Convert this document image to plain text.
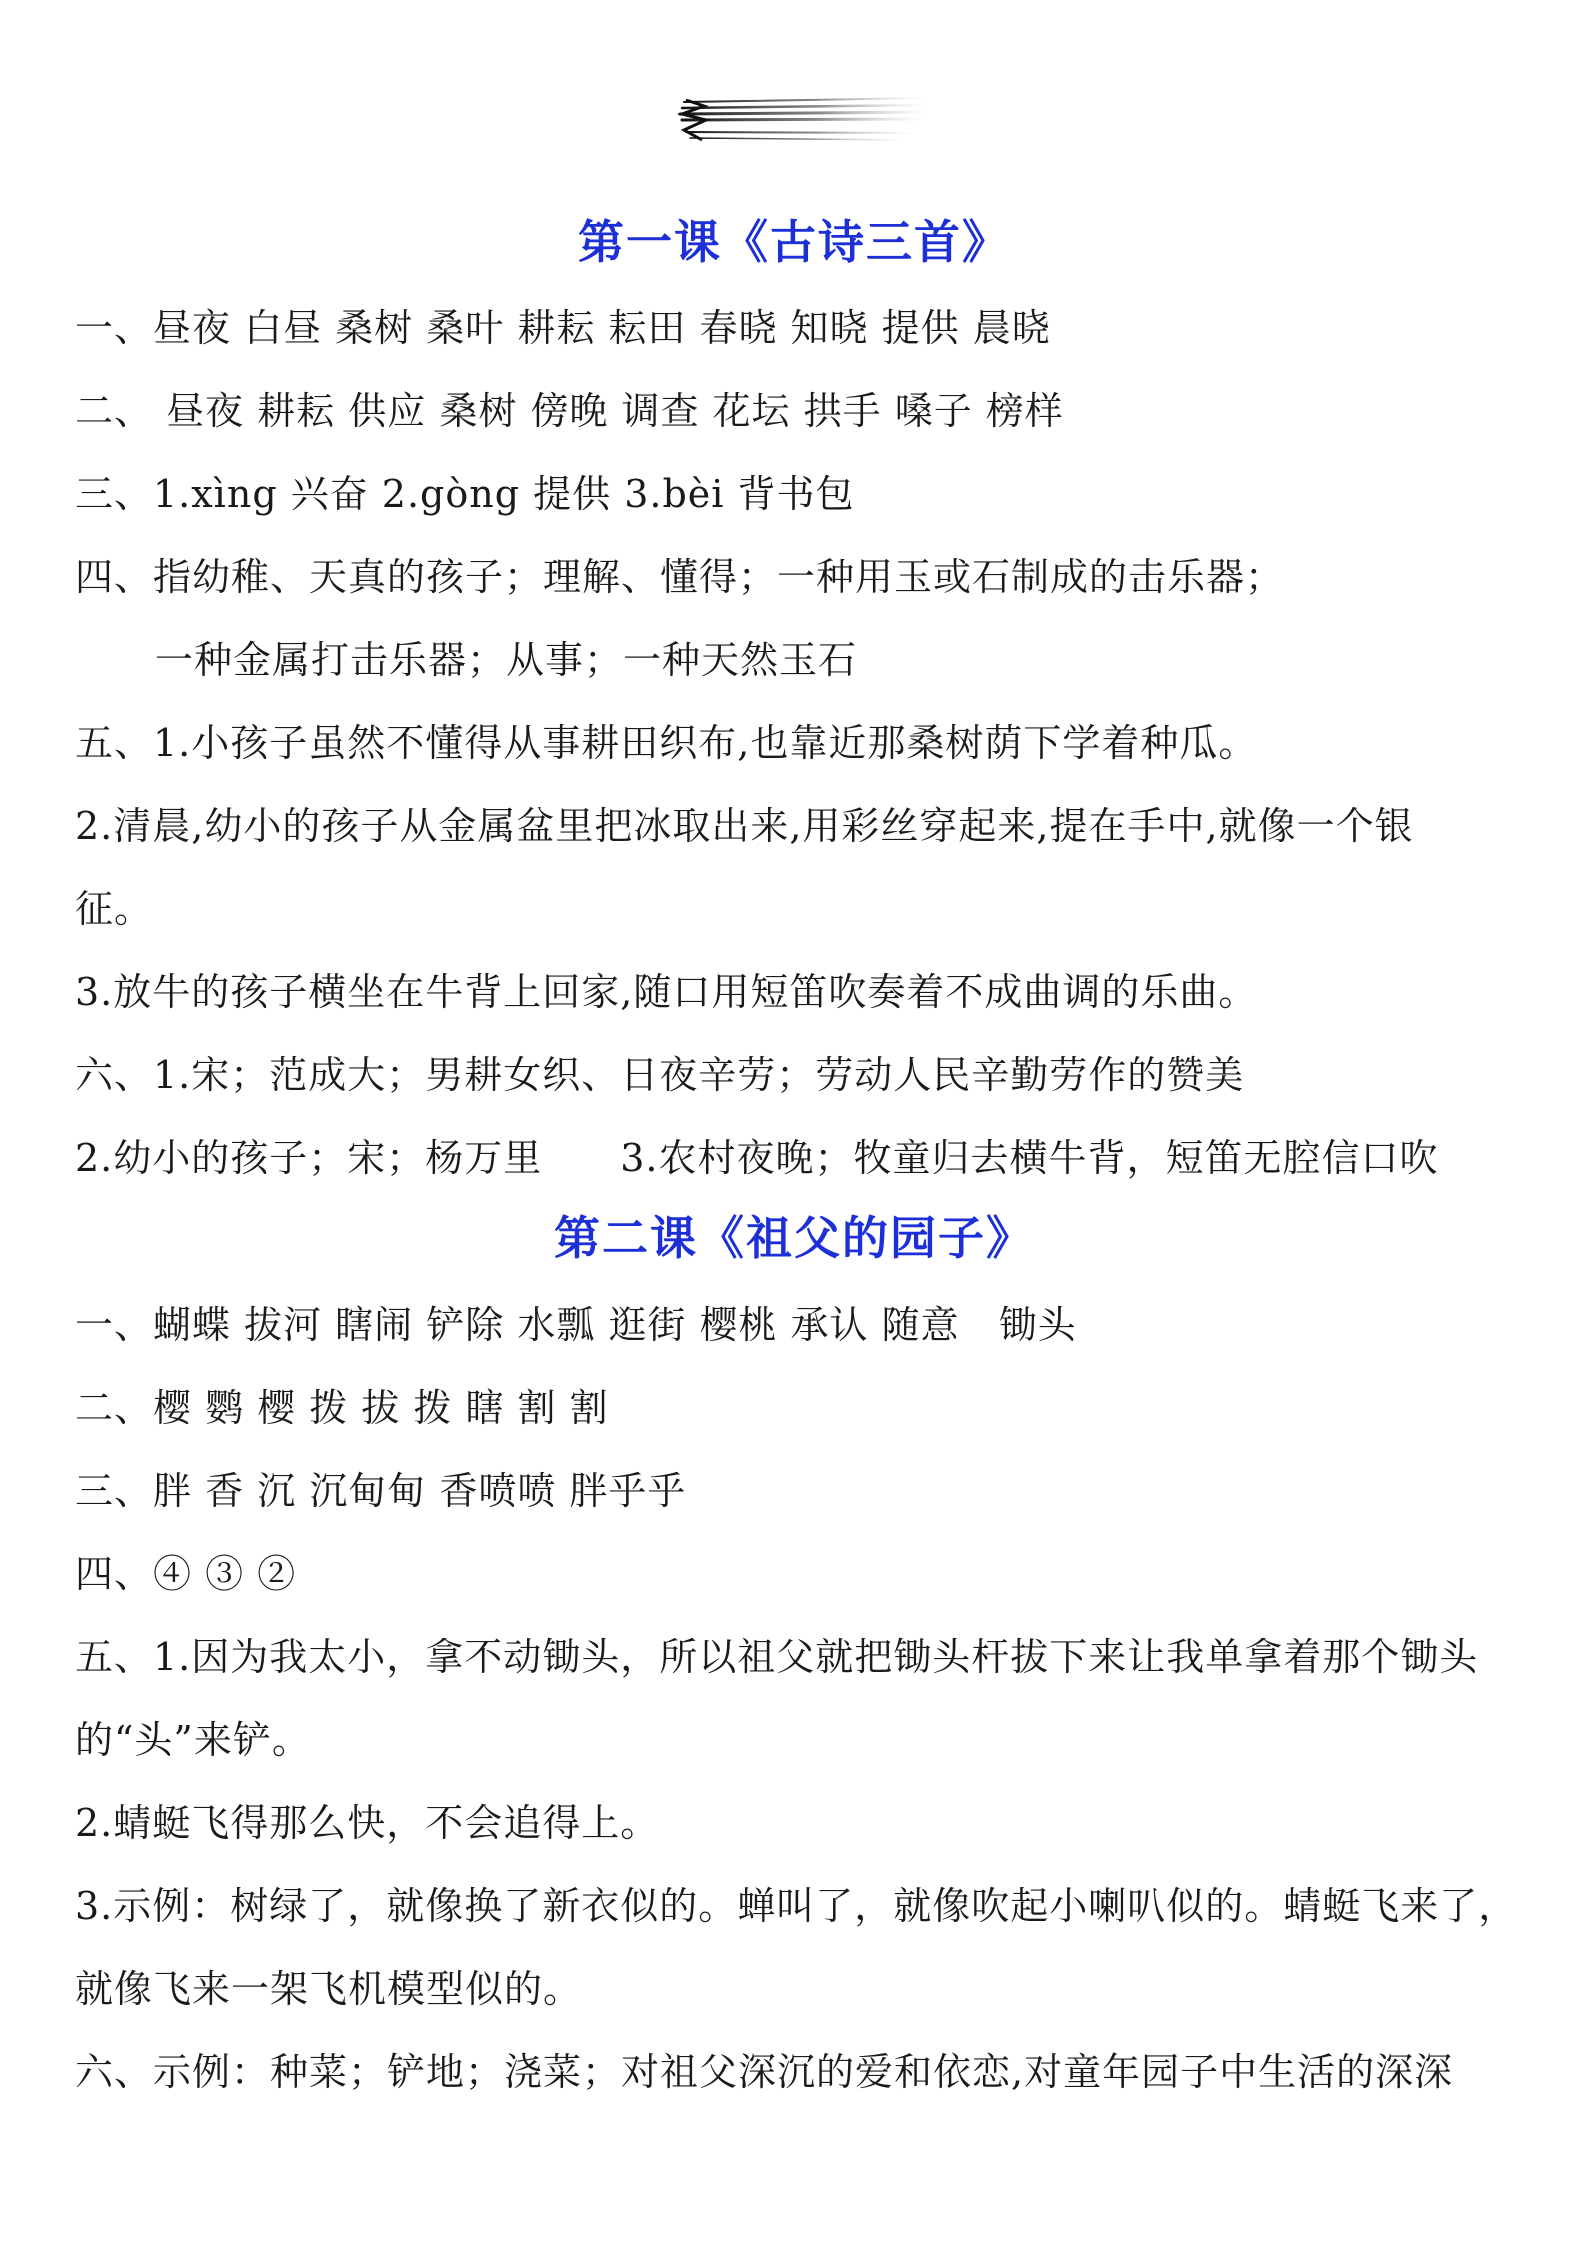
第一课《古诗三首》
一、昼夜 白昼 桑树 桑叶 耕耘 耘田 春晓 知晓 提供 晨晓
二、 昼夜 耕耘 供应 桑树 傍晚 调查 花坛 拱手 嗓子 榜样
三、1.xìng 兴奋 2.gòng 提供 3.bèi 背书包
四、指幼稚、天真的孩子；理解、懂得；一种用玉或石制成的击乐器；
一种金属打击乐器；从事；一种天然玉石
五、1.小孩子虽然不懂得从事耕田织布,也靠近那桑树荫下学着种瓜。
2.清晨,幼小的孩子从金属盆里把冰取出来,用彩丝穿起来,提在手中,就像一个银
征。
3.放牛的孩子横坐在牛背上回家,随口用短笛吹奏着不成曲调的乐曲。
六、1.宋；范成大；男耕女织、日夜辛劳；劳动人民辛勤劳作的赞美
2.幼小的孩子；宋；杨万里　　3.农村夜晚；牧童归去横牛背，短笛无腔信口吹
第二课《祖父的园子》
一、蝴蝶 拔河 瞎闹 铲除 水瓢 逛街 樱桃 承认 随意　锄头
二、樱 鹦 樱 拨 拔 拨 瞎 割 割
三、胖 香 沉 沉甸甸 香喷喷 胖乎乎
四、④ ③ ②
五、1.因为我太小，拿不动锄头，所以祖父就把锄头杆拔下来让我单拿着那个锄头
的“头”来铲。
2.蜻蜓飞得那么快，不会追得上。
3.示例：树绿了，就像换了新衣似的。蝉叫了，就像吹起小喇叭似的。蜻蜓飞来了，
就像飞来一架飞机模型似的。
六、示例：种菜；铲地；浇菜；对祖父深沉的爱和依恋,对童年园子中生活的深深
